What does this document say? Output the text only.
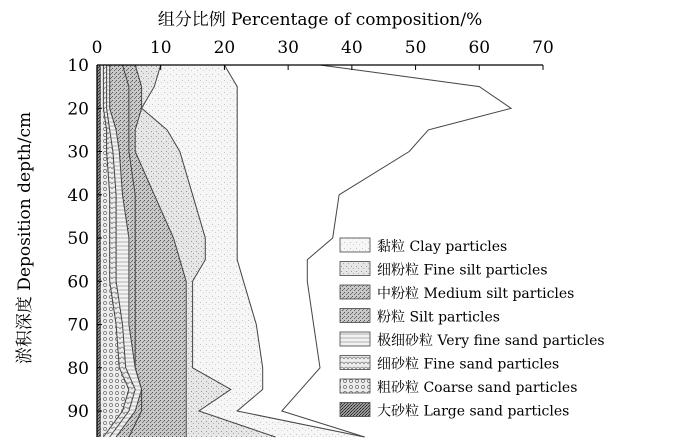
0	10 20 30 40 50 60 70
10
20
30
40
50
60
70
80
90
黏粒 Clay particles
细粉粒 Fine silt particles
中粉粒 Medium silt particles
粉粒 Silt particles
极细砂粒 Very fine sand particles
细砂粒 Fine sand particles
粗砂粒 Coarse sand particles
大砂粒 Large sand particles
组分比例 Percentage of composition/%
淤积深度 Deposition depth/cm
